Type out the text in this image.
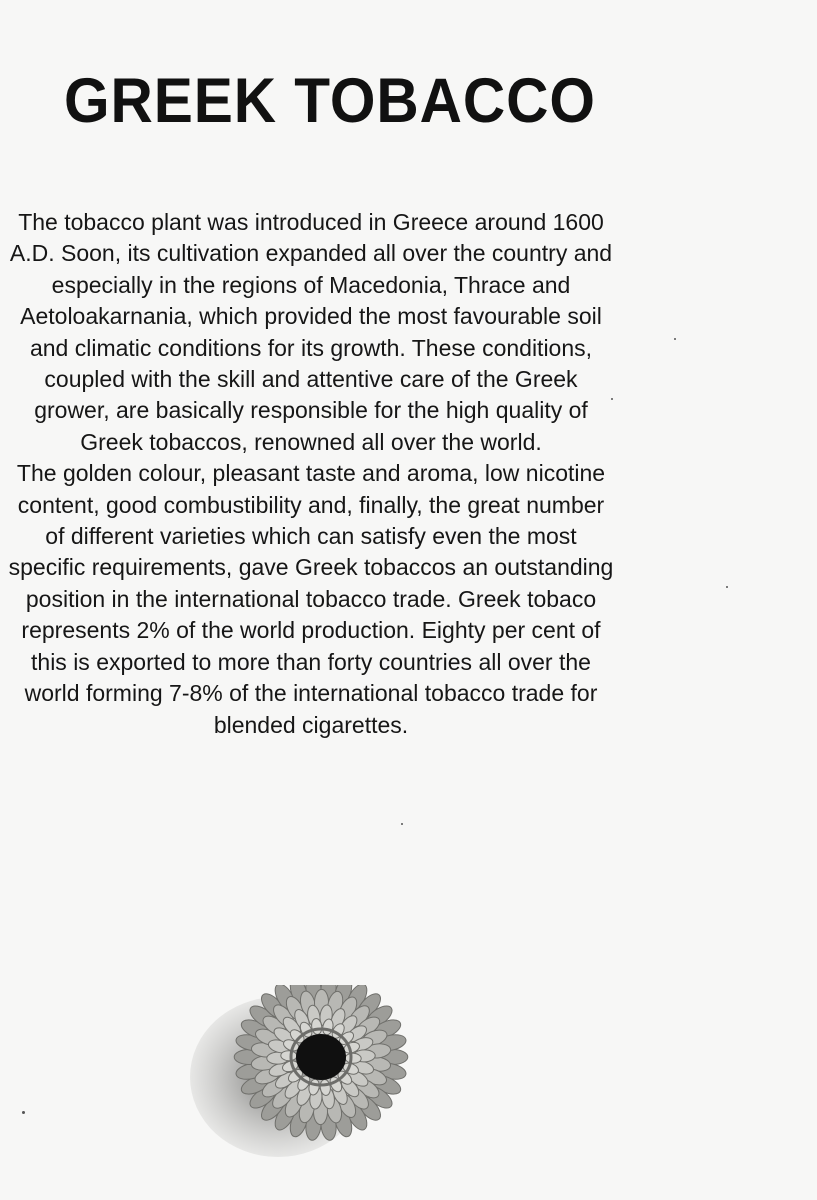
GREEK TOBACCO

The tobacco plant was introduced in Greece around 1600 A.D. Soon, its cultivation expanded all over the country and especially in the regions of Macedonia, Thrace and Aetoloakarnania, which provided the most favourable soil and climatic conditions for its growth. These conditions, coupled with the skill and attentive care of the Greek grower, are basically responsible for the high quality of Greek tobaccos, renowned all over the world.

The golden colour, pleasant taste and aroma, low nicotine content, good combustibility and, finally, the great number of different varieties which can satisfy even the most specific requirements, gave Greek tobaccos an outstanding position in the international tobacco trade. Greek tobaco represents 2% of the world production. Eighty per cent of this is exported to more than forty countries all over the world forming 7-8% of the international tobacco trade for blended cigarettes.
